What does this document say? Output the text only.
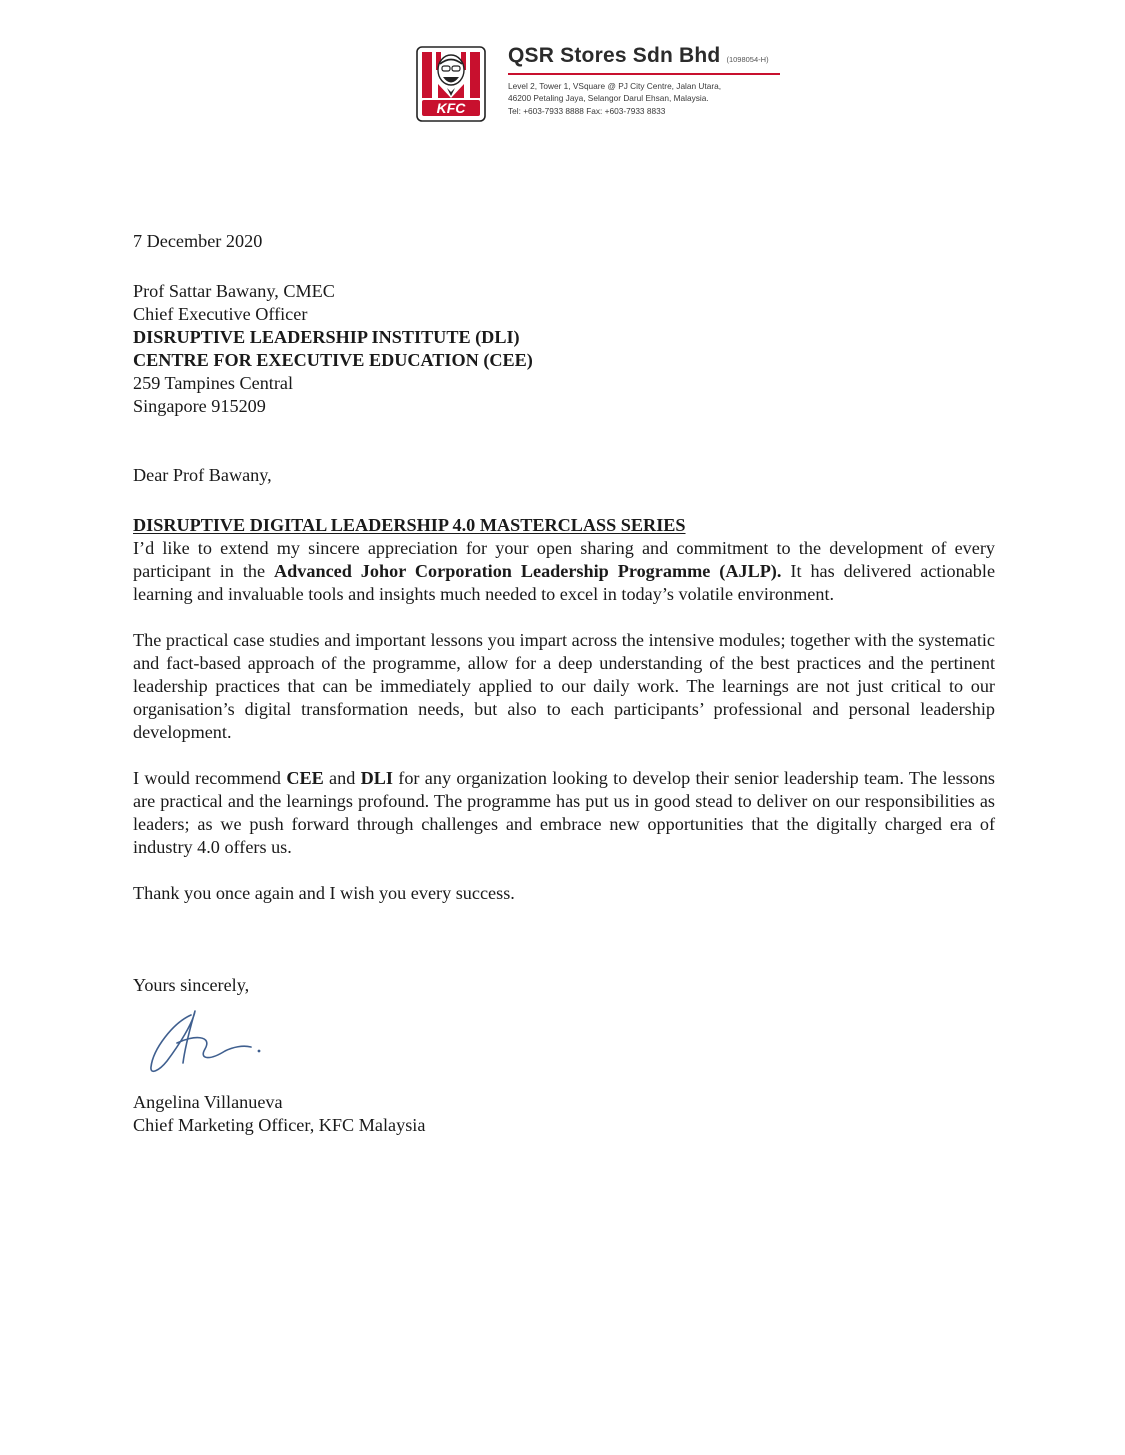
KFC
QSR Stores Sdn Bhd (1098054-H)
Level 2, Tower 1, VSquare @ PJ City Centre, Jalan Utara,
46200 Petaling Jaya, Selangor Darul Ehsan, Malaysia.
Tel: +603-7933 8888 Fax: +603-7933 8833
7 December 2020
Prof Sattar Bawany, CMEC
Chief Executive Officer
DISRUPTIVE LEADERSHIP INSTITUTE (DLI)
CENTRE FOR EXECUTIVE EDUCATION (CEE)
259 Tampines Central
Singapore 915209
Dear Prof Bawany,
DISRUPTIVE DIGITAL LEADERSHIP 4.0 MASTERCLASS SERIES

I’d like to extend my sincere appreciation for your open sharing and commitment to the development of every participant in the Advanced Johor Corporation Leadership Programme (AJLP). It has delivered actionable learning and invaluable tools and insights much needed to excel in today’s volatile environment.

The practical case studies and important lessons you impart across the intensive modules; together with the systematic and fact-based approach of the programme, allow for a deep understanding of the best practices and the pertinent leadership practices that can be immediately applied to our daily work. The learnings are not just critical to our organisation’s digital transformation needs, but also to each participants’ professional and personal leadership development.

I would recommend CEE and DLI for any organization looking to develop their senior leadership team. The lessons are practical and the learnings profound. The programme has put us in good stead to deliver on our responsibilities as leaders; as we push forward through challenges and embrace new opportunities that the digitally charged era of industry 4.0 offers us.

Thank you once again and I wish you every success.

Yours sincerely,
Angelina Villanueva
Chief Marketing Officer, KFC Malaysia
